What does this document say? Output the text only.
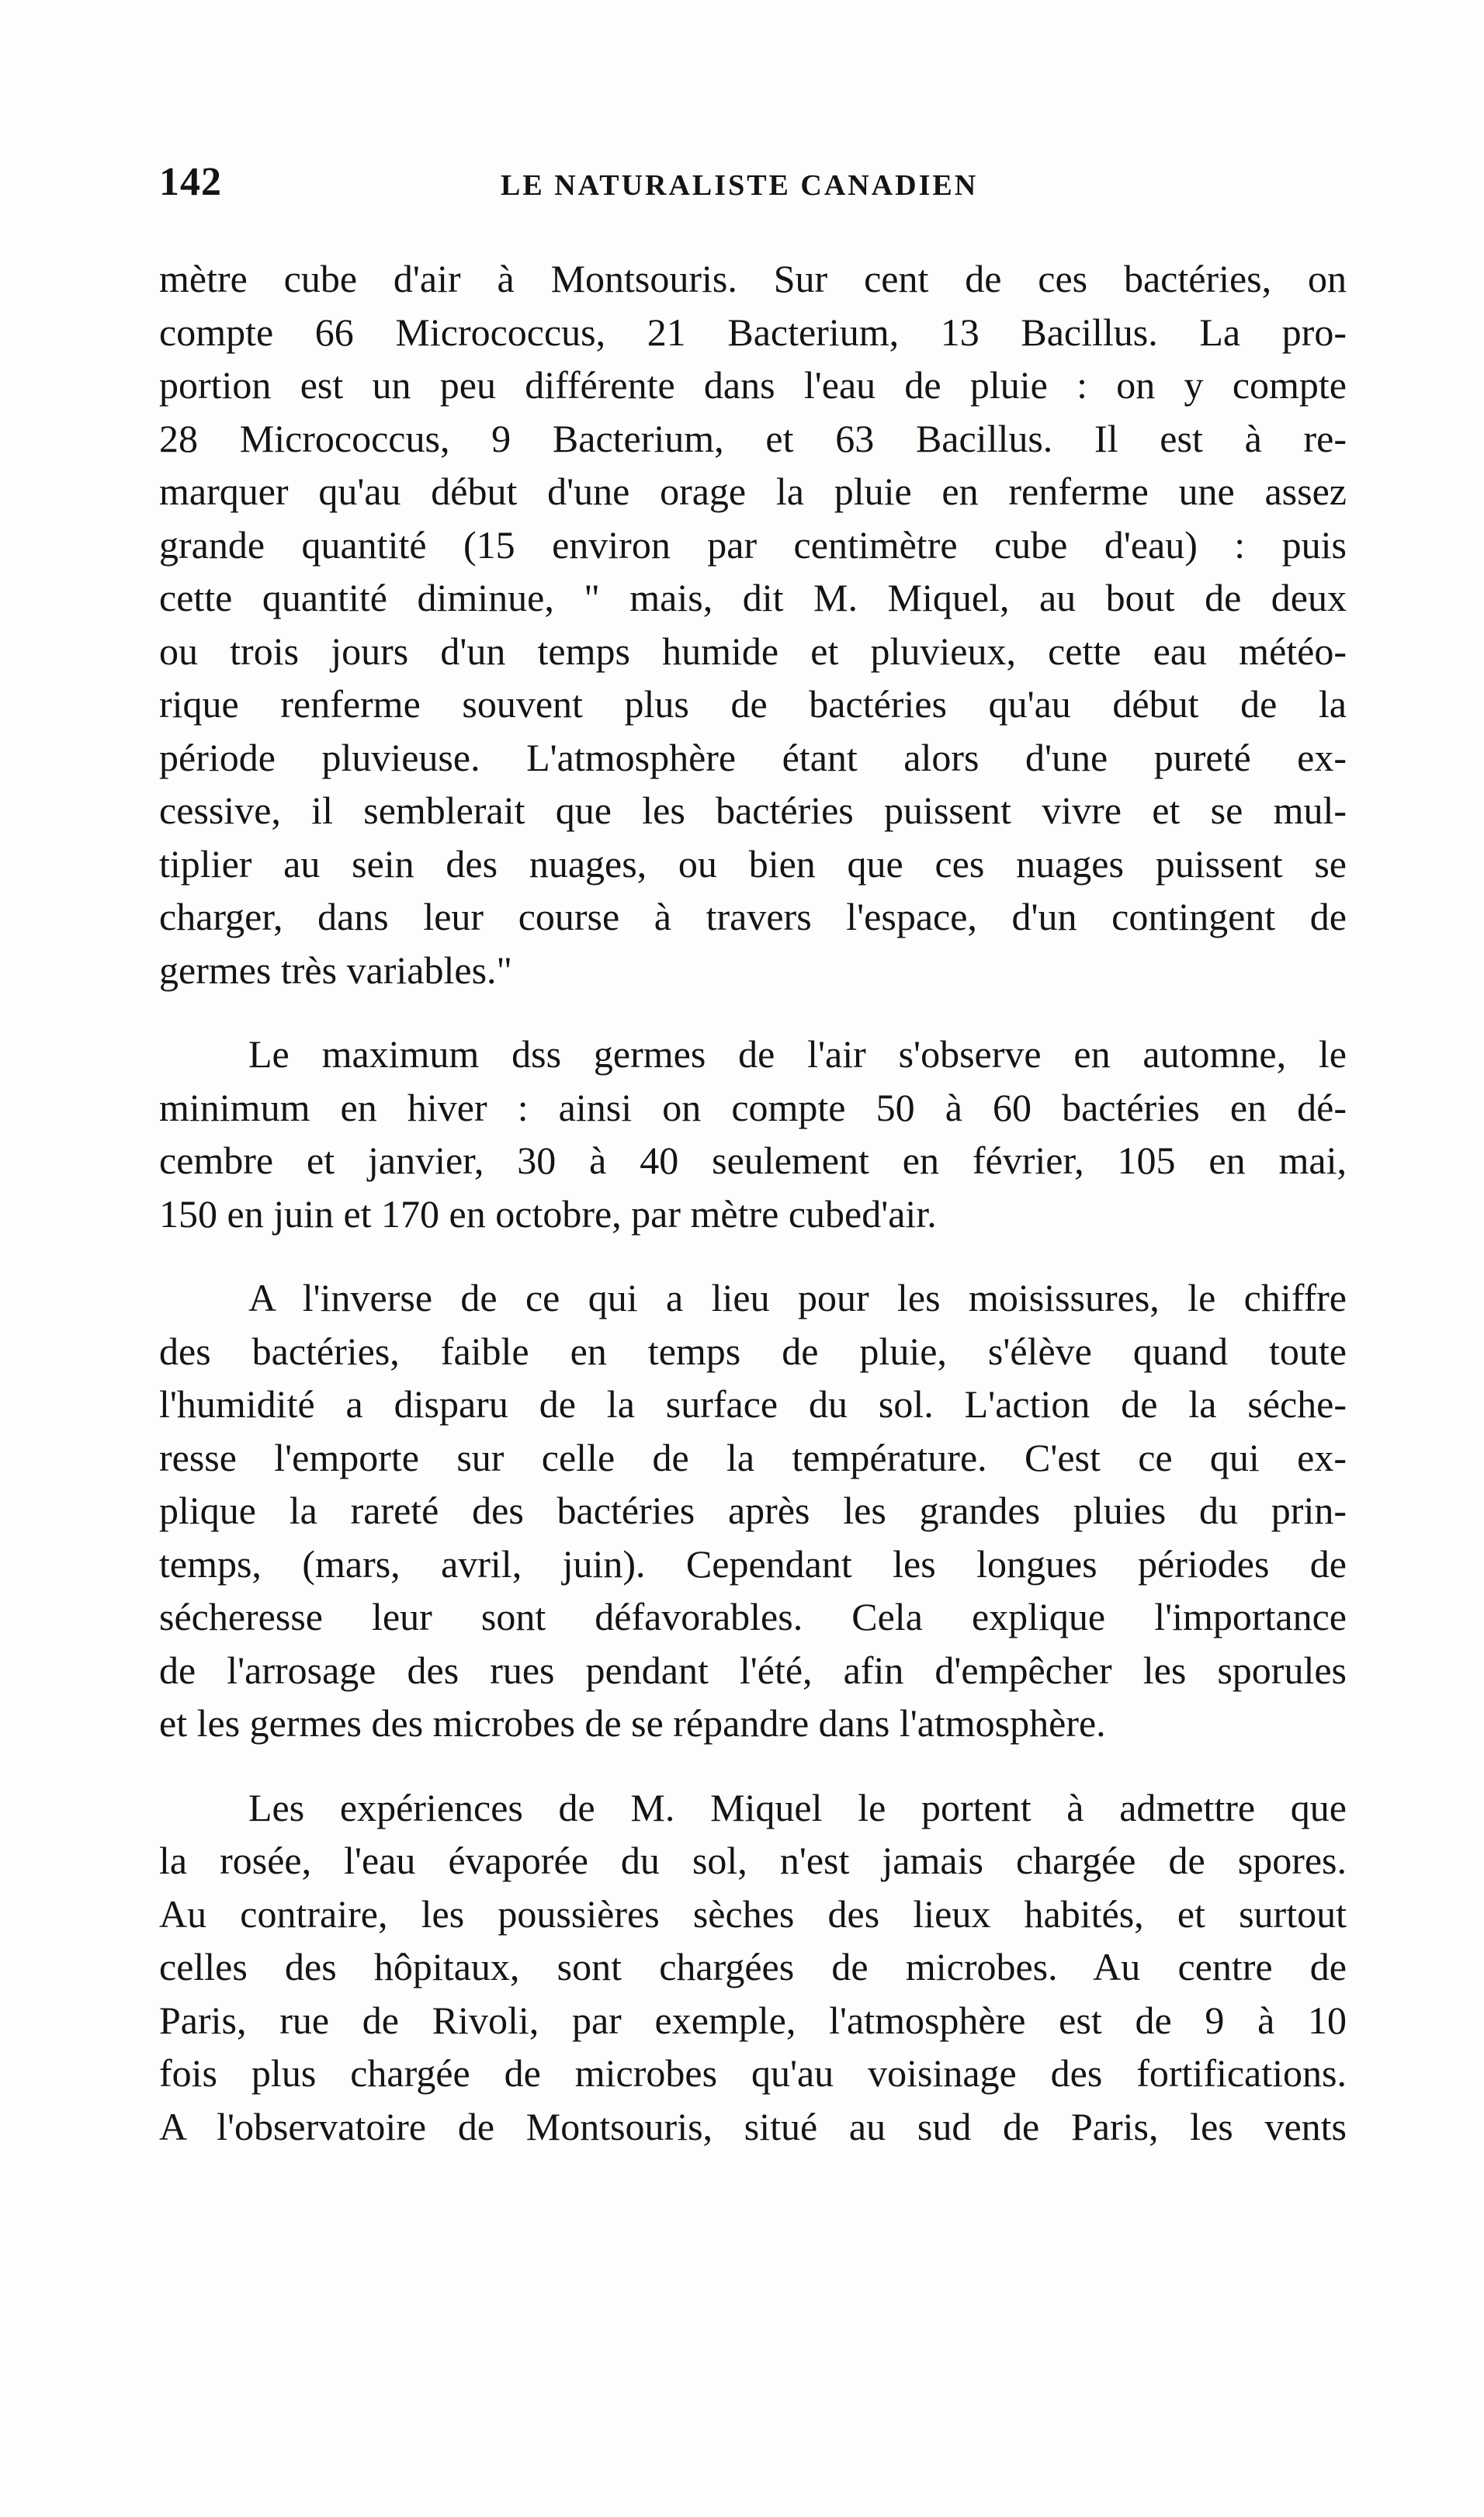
142	LE NATURALISTE CANADIEN
mètre cube d'air à Montsouris. Sur cent de ces bactéries, on
compte 66 Micrococcus, 21 Bacterium, 13 Bacillus. La pro-
portion est un peu différente dans l'eau de pluie : on y compte
28 Micrococcus, 9 Bacterium, et 63 Bacillus. Il est à re-
marquer qu'au début d'une orage la pluie en renferme une assez
grande quantité (15 environ par centimètre cube d'eau) : puis
cette quantité diminue, " mais, dit M. Miquel, au bout de deux
ou trois jours d'un temps humide et pluvieux, cette eau météo-
rique renferme souvent plus de bactéries qu'au début de la
période pluvieuse. L'atmosphère étant alors d'une pureté ex-
cessive, il semblerait que les bactéries puissent vivre et se mul-
tiplier au sein des nuages, ou bien que ces nuages puissent se
charger, dans leur course à travers l'espace, d'un contingent de
germes très variables."
Le maximum dss germes de l'air s'observe en automne, le
minimum en hiver : ainsi on compte 50 à 60 bactéries en dé-
cembre et janvier, 30 à 40 seulement en février, 105 en mai,
150 en juin et 170 en octobre, par mètre cubed'air.
A l'inverse de ce qui a lieu pour les moisissures, le chiffre
des bactéries, faible en temps de pluie, s'élève quand toute
l'humidité a disparu de la surface du sol. L'action de la séche-
resse l'emporte sur celle de la température. C'est ce qui ex-
plique la rareté des bactéries après les grandes pluies du prin-
temps, (mars, avril, juin). Cependant les longues périodes de
sécheresse leur sont défavorables. Cela explique l'importance
de l'arrosage des rues pendant l'été, afin d'empêcher les sporules
et les germes des microbes de se répandre dans l'atmosphère.
Les expériences de M. Miquel le portent à admettre que
la rosée, l'eau évaporée du sol, n'est jamais chargée de spores.
Au contraire, les poussières sèches des lieux habités, et surtout
celles des hôpitaux, sont chargées de microbes. Au centre de
Paris, rue de Rivoli, par exemple, l'atmosphère est de 9 à 10
fois plus chargée de microbes qu'au voisinage des fortifications.
A l'observatoire de Montsouris, situé au sud de Paris, les vents
